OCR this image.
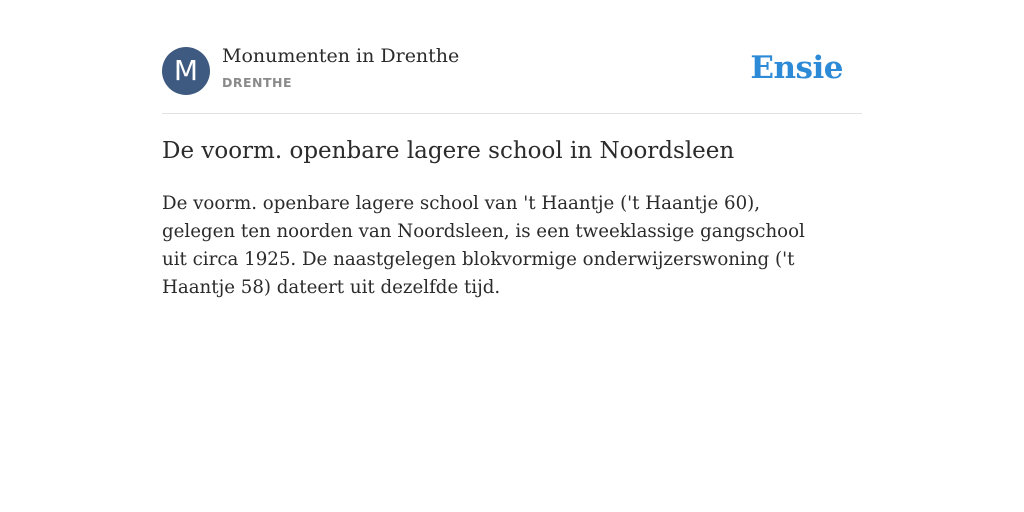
M	Monumenten in Drenthe
DRENTHE	Ensie
De voorm. openbare lagere school in Noordsleen

De voorm. openbare lagere school van 't Haantje ('t Haantje 60), gelegen ten noorden van Noordsleen, is een tweeklassige gangschool uit circa 1925. De naastgelegen blokvormige onderwijzerswoning ('t Haantje 58) dateert uit dezelfde tijd.
